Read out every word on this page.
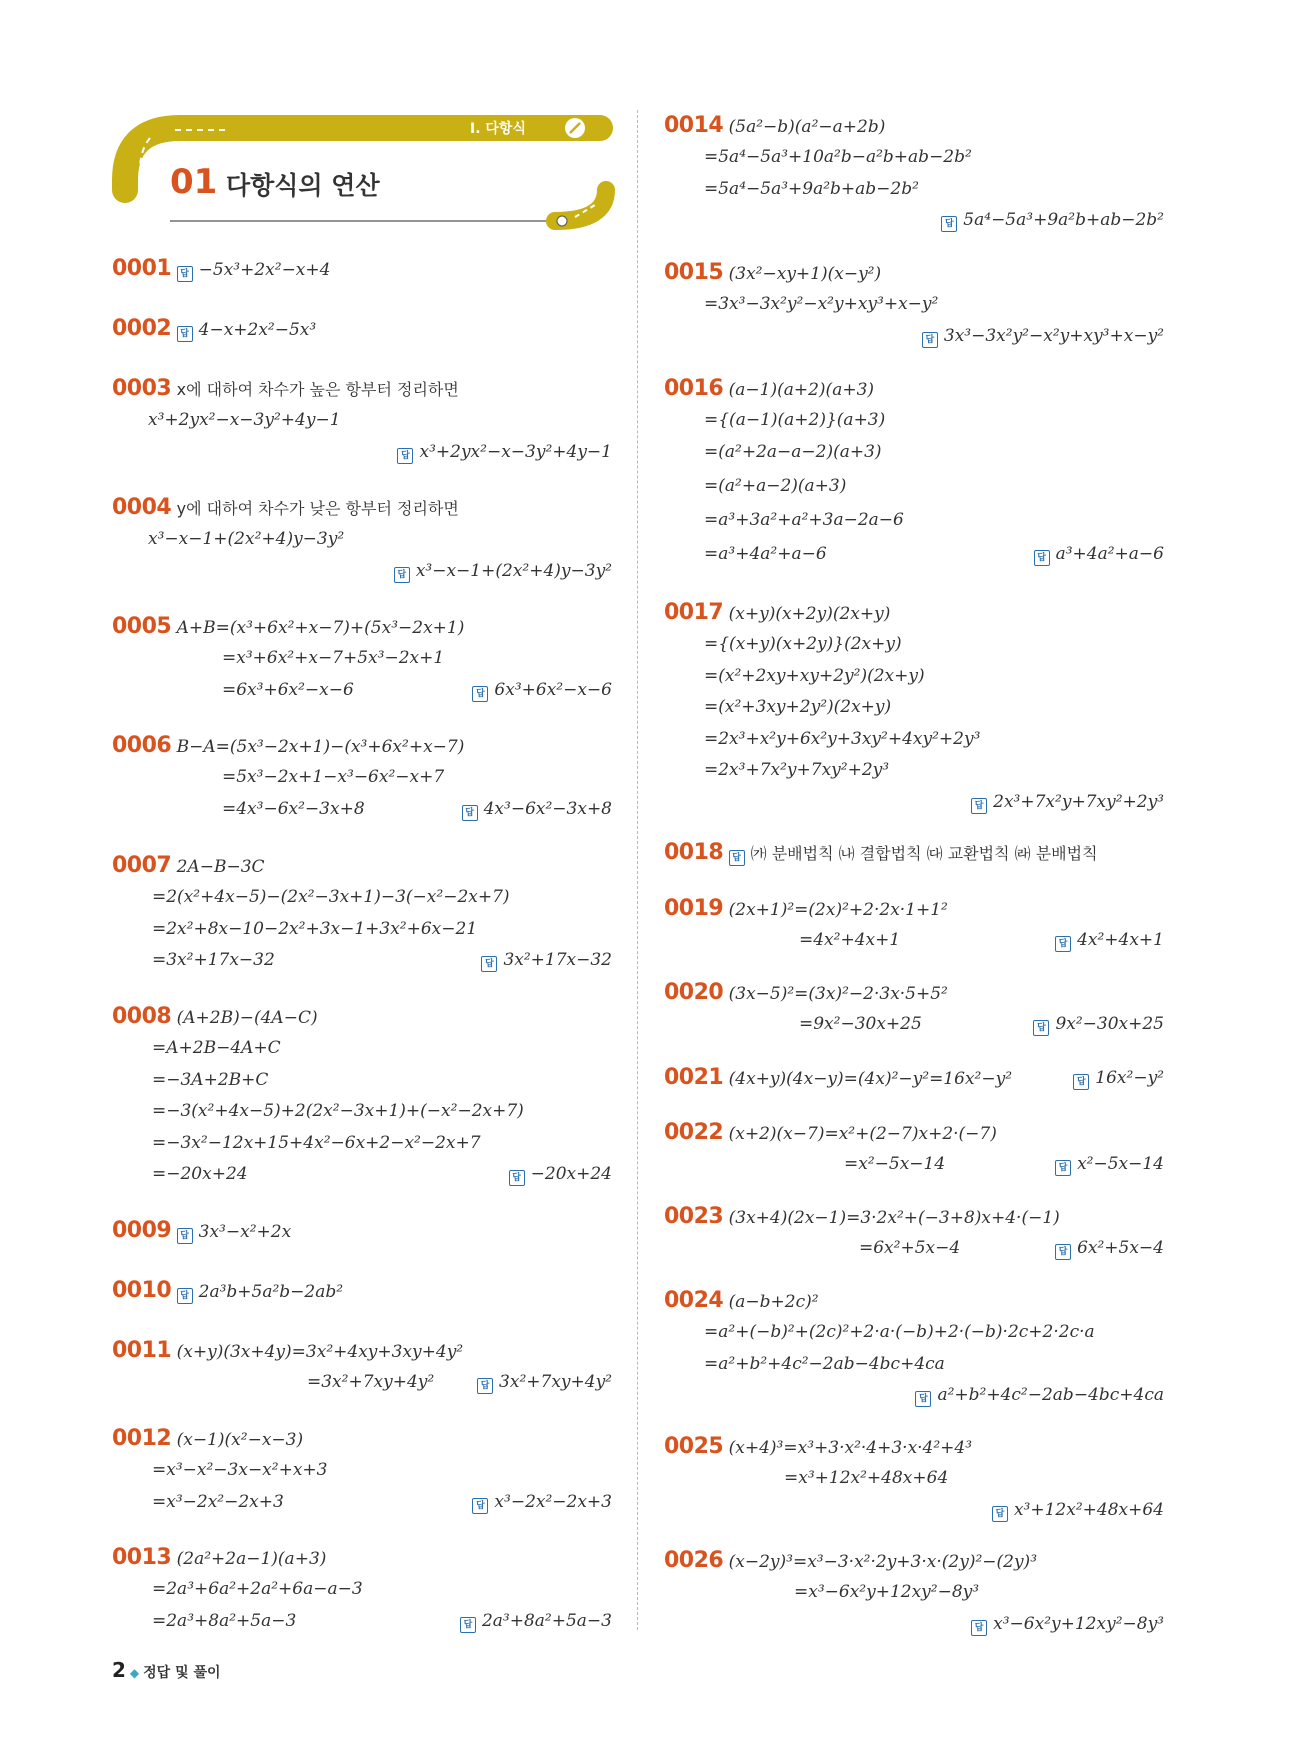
Ⅰ. 다항식
01 다항식의 연산
0001 답 −5x³+2x²−x+4
0002 답 4−x+2x²−5x³
0003 x에 대하여 차수가 높은 항부터 정리하면
x³+2yx²−x−3y²+4y−1
답 x³+2yx²−x−3y²+4y−1
0004 y에 대하여 차수가 낮은 항부터 정리하면
x³−x−1+(2x²+4)y−3y²
답 x³−x−1+(2x²+4)y−3y²
0005 A+B=(x³+6x²+x−7)+(5x³−2x+1)
=x³+6x²+x−7+5x³−2x+1
=6x³+6x²−x−6	답 6x³+6x²−x−6
0006 B−A=(5x³−2x+1)−(x³+6x²+x−7)
=5x³−2x+1−x³−6x²−x+7
=4x³−6x²−3x+8	답 4x³−6x²−3x+8
0007 2A−B−3C
=2(x²+4x−5)−(2x²−3x+1)−3(−x²−2x+7)
=2x²+8x−10−2x²+3x−1+3x²+6x−21
=3x²+17x−32	답 3x²+17x−32
0008 (A+2B)−(4A−C)
=A+2B−4A+C
=−3A+2B+C
=−3(x²+4x−5)+2(2x²−3x+1)+(−x²−2x+7)
=−3x²−12x+15+4x²−6x+2−x²−2x+7
=−20x+24	답 −20x+24
0009 답 3x³−x²+2x
0010 답 2a³b+5a²b−2ab²
0011 (x+y)(3x+4y)=3x²+4xy+3xy+4y²
=3x²+7xy+4y²	답 3x²+7xy+4y²
0012 (x−1)(x²−x−3)
=x³−x²−3x−x²+x+3
=x³−2x²−2x+3	답 x³−2x²−2x+3
0013 (2a²+2a−1)(a+3)
=2a³+6a²+2a²+6a−a−3
=2a³+8a²+5a−3	답 2a³+8a²+5a−3
0014 (5a²−b)(a²−a+2b)
=5a⁴−5a³+10a²b−a²b+ab−2b²
=5a⁴−5a³+9a²b+ab−2b²
답 5a⁴−5a³+9a²b+ab−2b²
0015 (3x²−xy+1)(x−y²)
=3x³−3x²y²−x²y+xy³+x−y²
답 3x³−3x²y²−x²y+xy³+x−y²
0016 (a−1)(a+2)(a+3)
={(a−1)(a+2)}(a+3)
=(a²+2a−a−2)(a+3)
=(a²+a−2)(a+3)
=a³+3a²+a²+3a−2a−6
=a³+4a²+a−6	답 a³+4a²+a−6
0017 (x+y)(x+2y)(2x+y)
={(x+y)(x+2y)}(2x+y)
=(x²+2xy+xy+2y²)(2x+y)
=(x²+3xy+2y²)(2x+y)
=2x³+x²y+6x²y+3xy²+4xy²+2y³
=2x³+7x²y+7xy²+2y³
답 2x³+7x²y+7xy²+2y³
0018 답 ㈎ 분배법칙 ㈏ 결합법칙 ㈐ 교환법칙 ㈑ 분배법칙
0019 (2x+1)²=(2x)²+2·2x·1+1²
=4x²+4x+1	답 4x²+4x+1
0020 (3x−5)²=(3x)²−2·3x·5+5²
=9x²−30x+25	답 9x²−30x+25
0021 (4x+y)(4x−y)=(4x)²−y²=16x²−y²	답 16x²−y²
0022 (x+2)(x−7)=x²+(2−7)x+2·(−7)
=x²−5x−14	답 x²−5x−14
0023 (3x+4)(2x−1)=3·2x²+(−3+8)x+4·(−1)
=6x²+5x−4	답 6x²+5x−4
0024 (a−b+2c)²
=a²+(−b)²+(2c)²+2·a·(−b)+2·(−b)·2c+2·2c·a
=a²+b²+4c²−2ab−4bc+4ca
답 a²+b²+4c²−2ab−4bc+4ca
0025 (x+4)³=x³+3·x²·4+3·x·4²+4³
=x³+12x²+48x+64
답 x³+12x²+48x+64
0026 (x−2y)³=x³−3·x²·2y+3·x·(2y)²−(2y)³
=x³−6x²y+12xy²−8y³
답 x³−6x²y+12xy²−8y³
2 ◆ 정답 및 풀이
